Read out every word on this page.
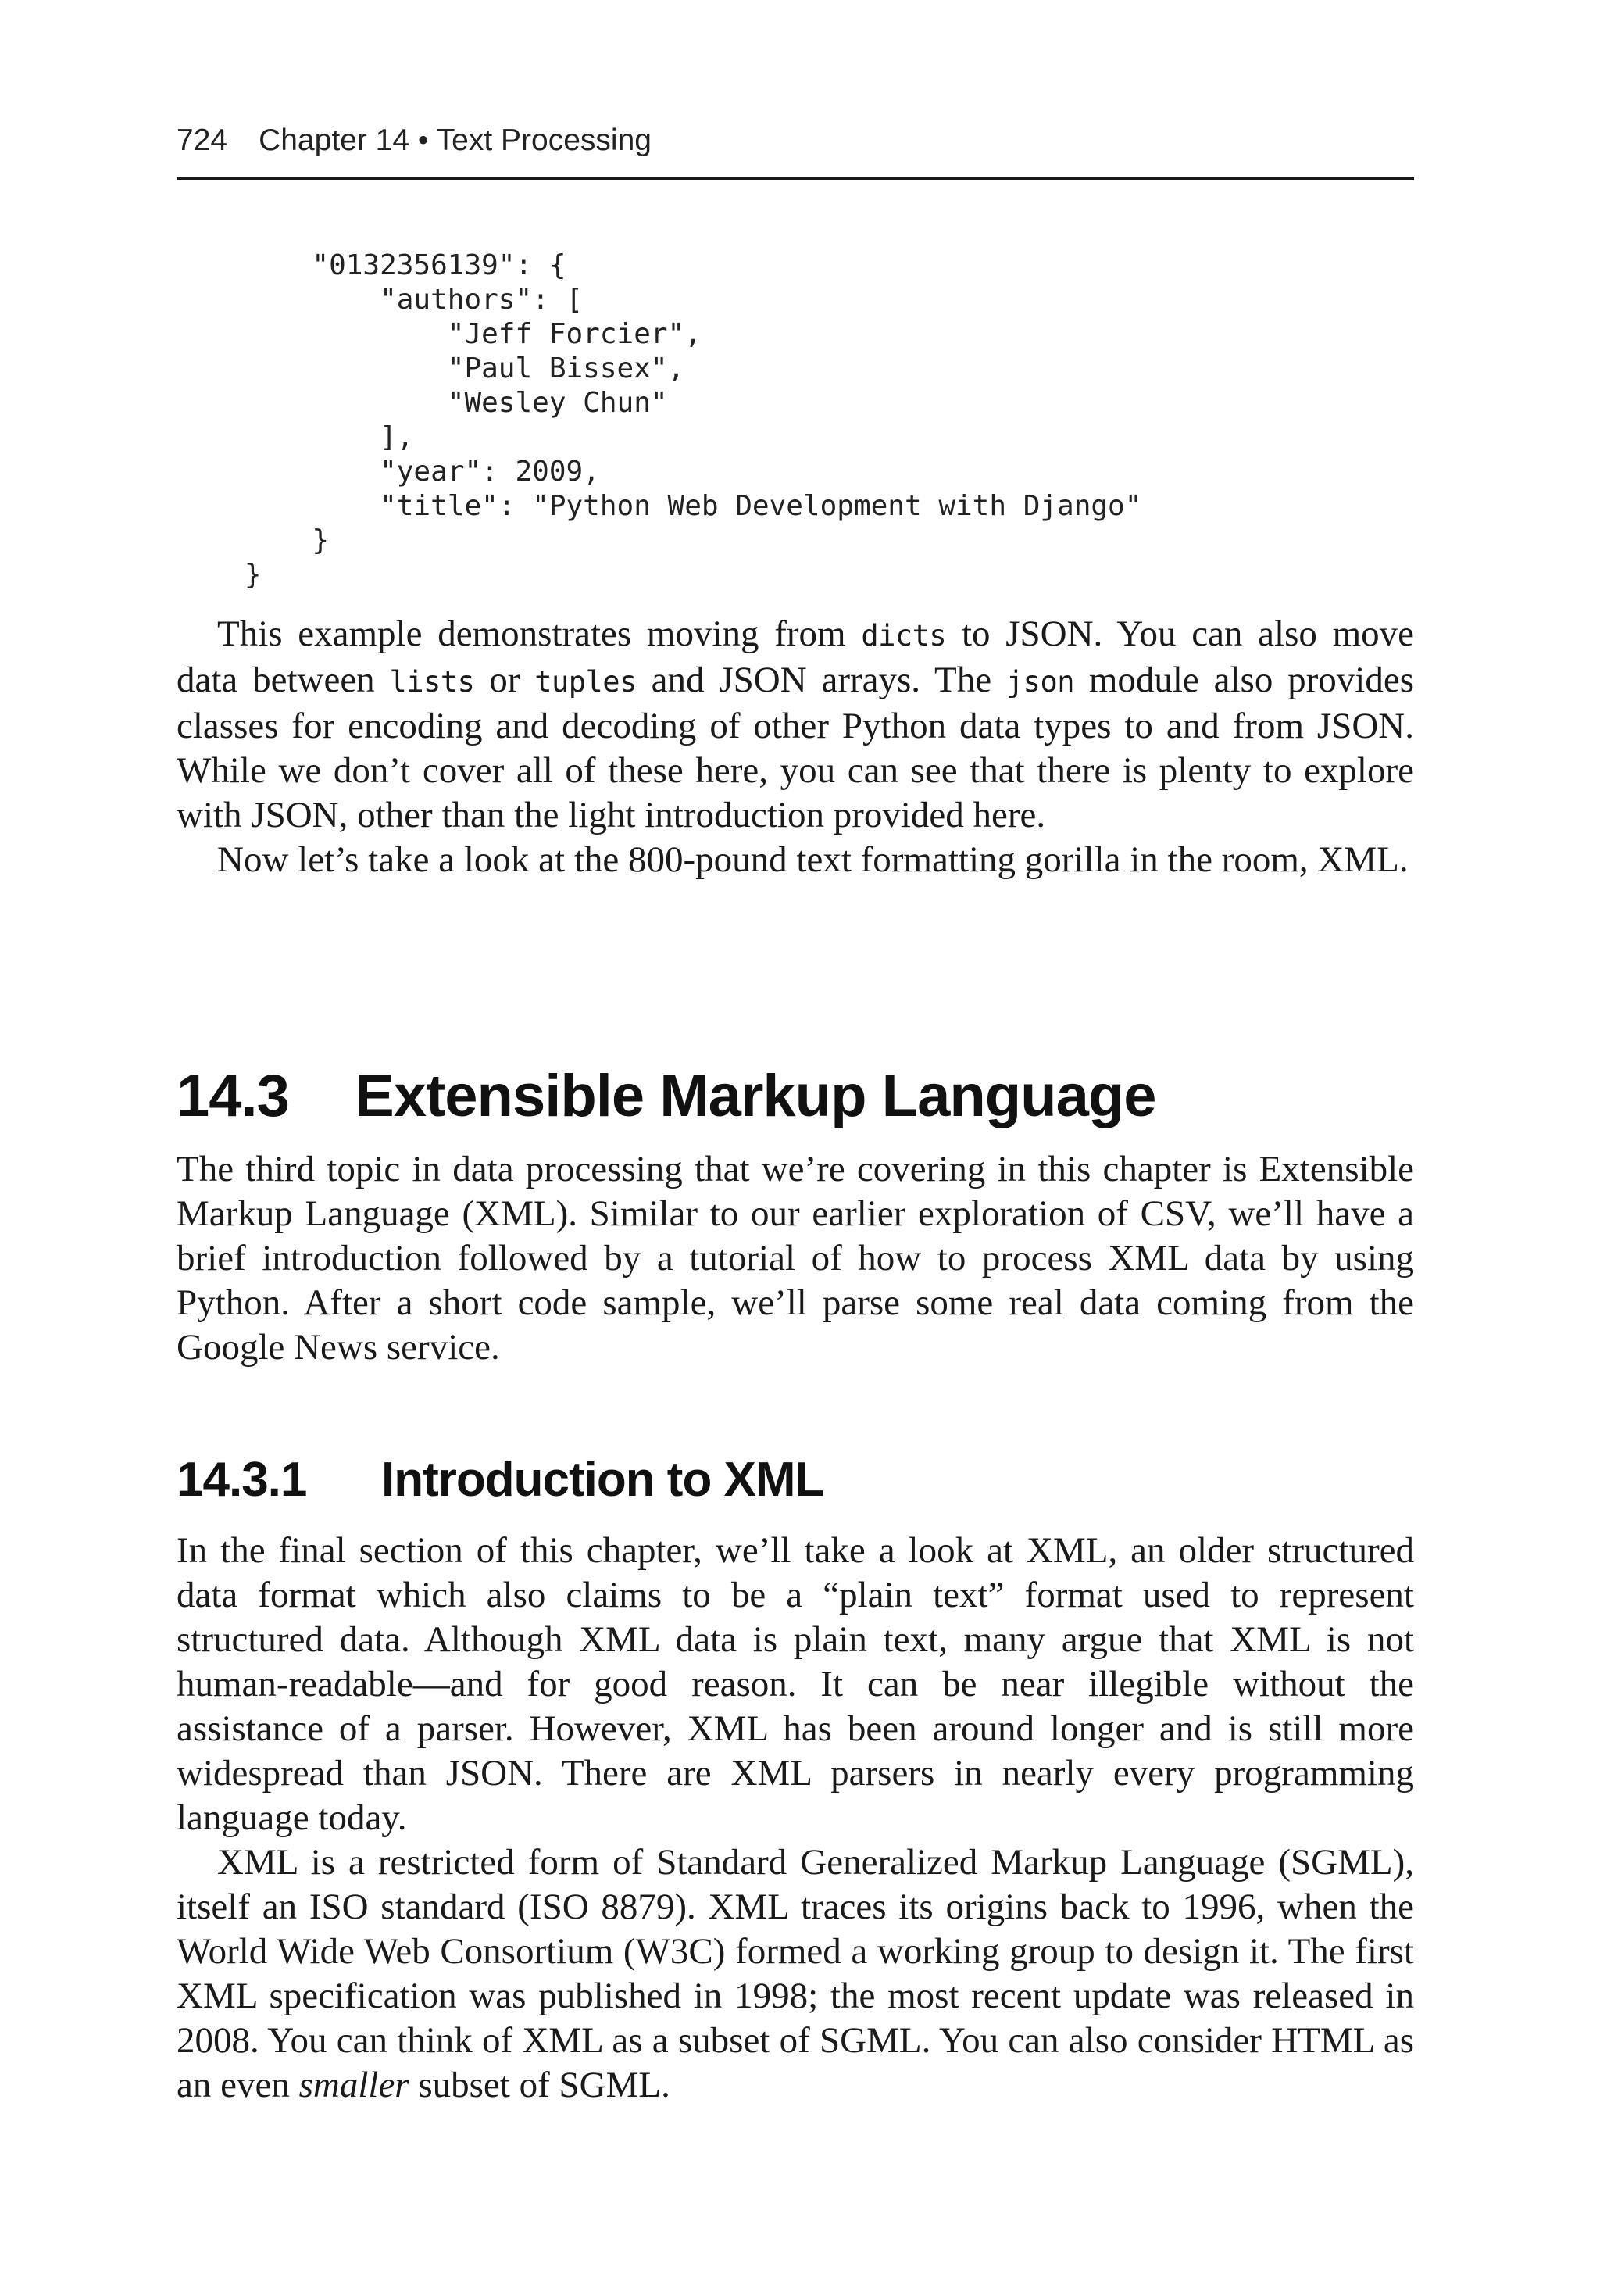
724 Chapter 14 • Text Processing
"0132356139": {
"authors": [
"Jeff Forcier",
"Paul Bissex",
"Wesley Chun"
],
"year": 2009,
"title": "Python Web Development with Django"
}
}

This example demonstrates moving from dicts to JSON. You can also move data between lists or tuples and JSON arrays. The json module also provides classes for encoding and decoding of other Python data types to and from JSON. While we don’t cover all of these here, you can see that there is plenty to explore with JSON, other than the light introduction provided here.

Now let’s take a look at the 800-pound text formatting gorilla in the room, XML.

14.3 Extensible Markup Language

The third topic in data processing that we’re covering in this chapter is Extensible Markup Language (XML). Similar to our earlier exploration of CSV, we’ll have a brief introduction followed by a tutorial of how to process XML data by using Python. After a short code sample, we’ll parse some real data coming from the Google News service.

14.3.1 Introduction to XML

In the final section of this chapter, we’ll take a look at XML, an older structured data format which also claims to be a “plain text” format used to represent structured data. Although XML data is plain text, many argue that XML is not human-readable—and for good reason. It can be near illegible without the assistance of a parser. However, XML has been around longer and is still more widespread than JSON. There are XML parsers in nearly every programming language today.

XML is a restricted form of Standard Generalized Markup Language (SGML), itself an ISO standard (ISO 8879). XML traces its origins back to 1996, when the World Wide Web Consortium (W3C) formed a working group to design it. The first XML specification was published in 1998; the most recent update was released in 2008. You can think of XML as a subset of SGML. You can also consider HTML as an even smaller subset of SGML.
